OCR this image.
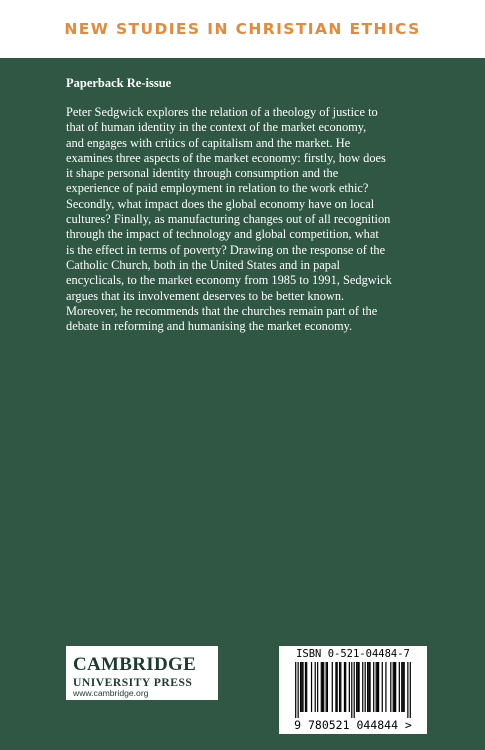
NEW STUDIES IN CHRISTIAN ETHICS
Paperback Re-issue

Peter Sedgwick explores the relation of a theology of justice to
that of human identity in the context of the market economy,
and engages with critics of capitalism and the market. He
examines three aspects of the market economy: firstly, how does
it shape personal identity through consumption and the
experience of paid employment in relation to the work ethic?
Secondly, what impact does the global economy have on local
cultures? Finally, as manufacturing changes out of all recognition
through the impact of technology and global competition, what
is the effect in terms of poverty? Drawing on the response of the
Catholic Church, both in the United States and in papal
encyclicals, to the market economy from 1985 to 1991, Sedgwick
argues that its involvement deserves to be better known.
Moreover, he recommends that the churches remain part of the
debate in reforming and humanising the market economy.

CAMBRIDGE
UNIVERSITY PRESS
www.cambridge.org
ISBN 0-521-04484-7
9 780521 044844 >
